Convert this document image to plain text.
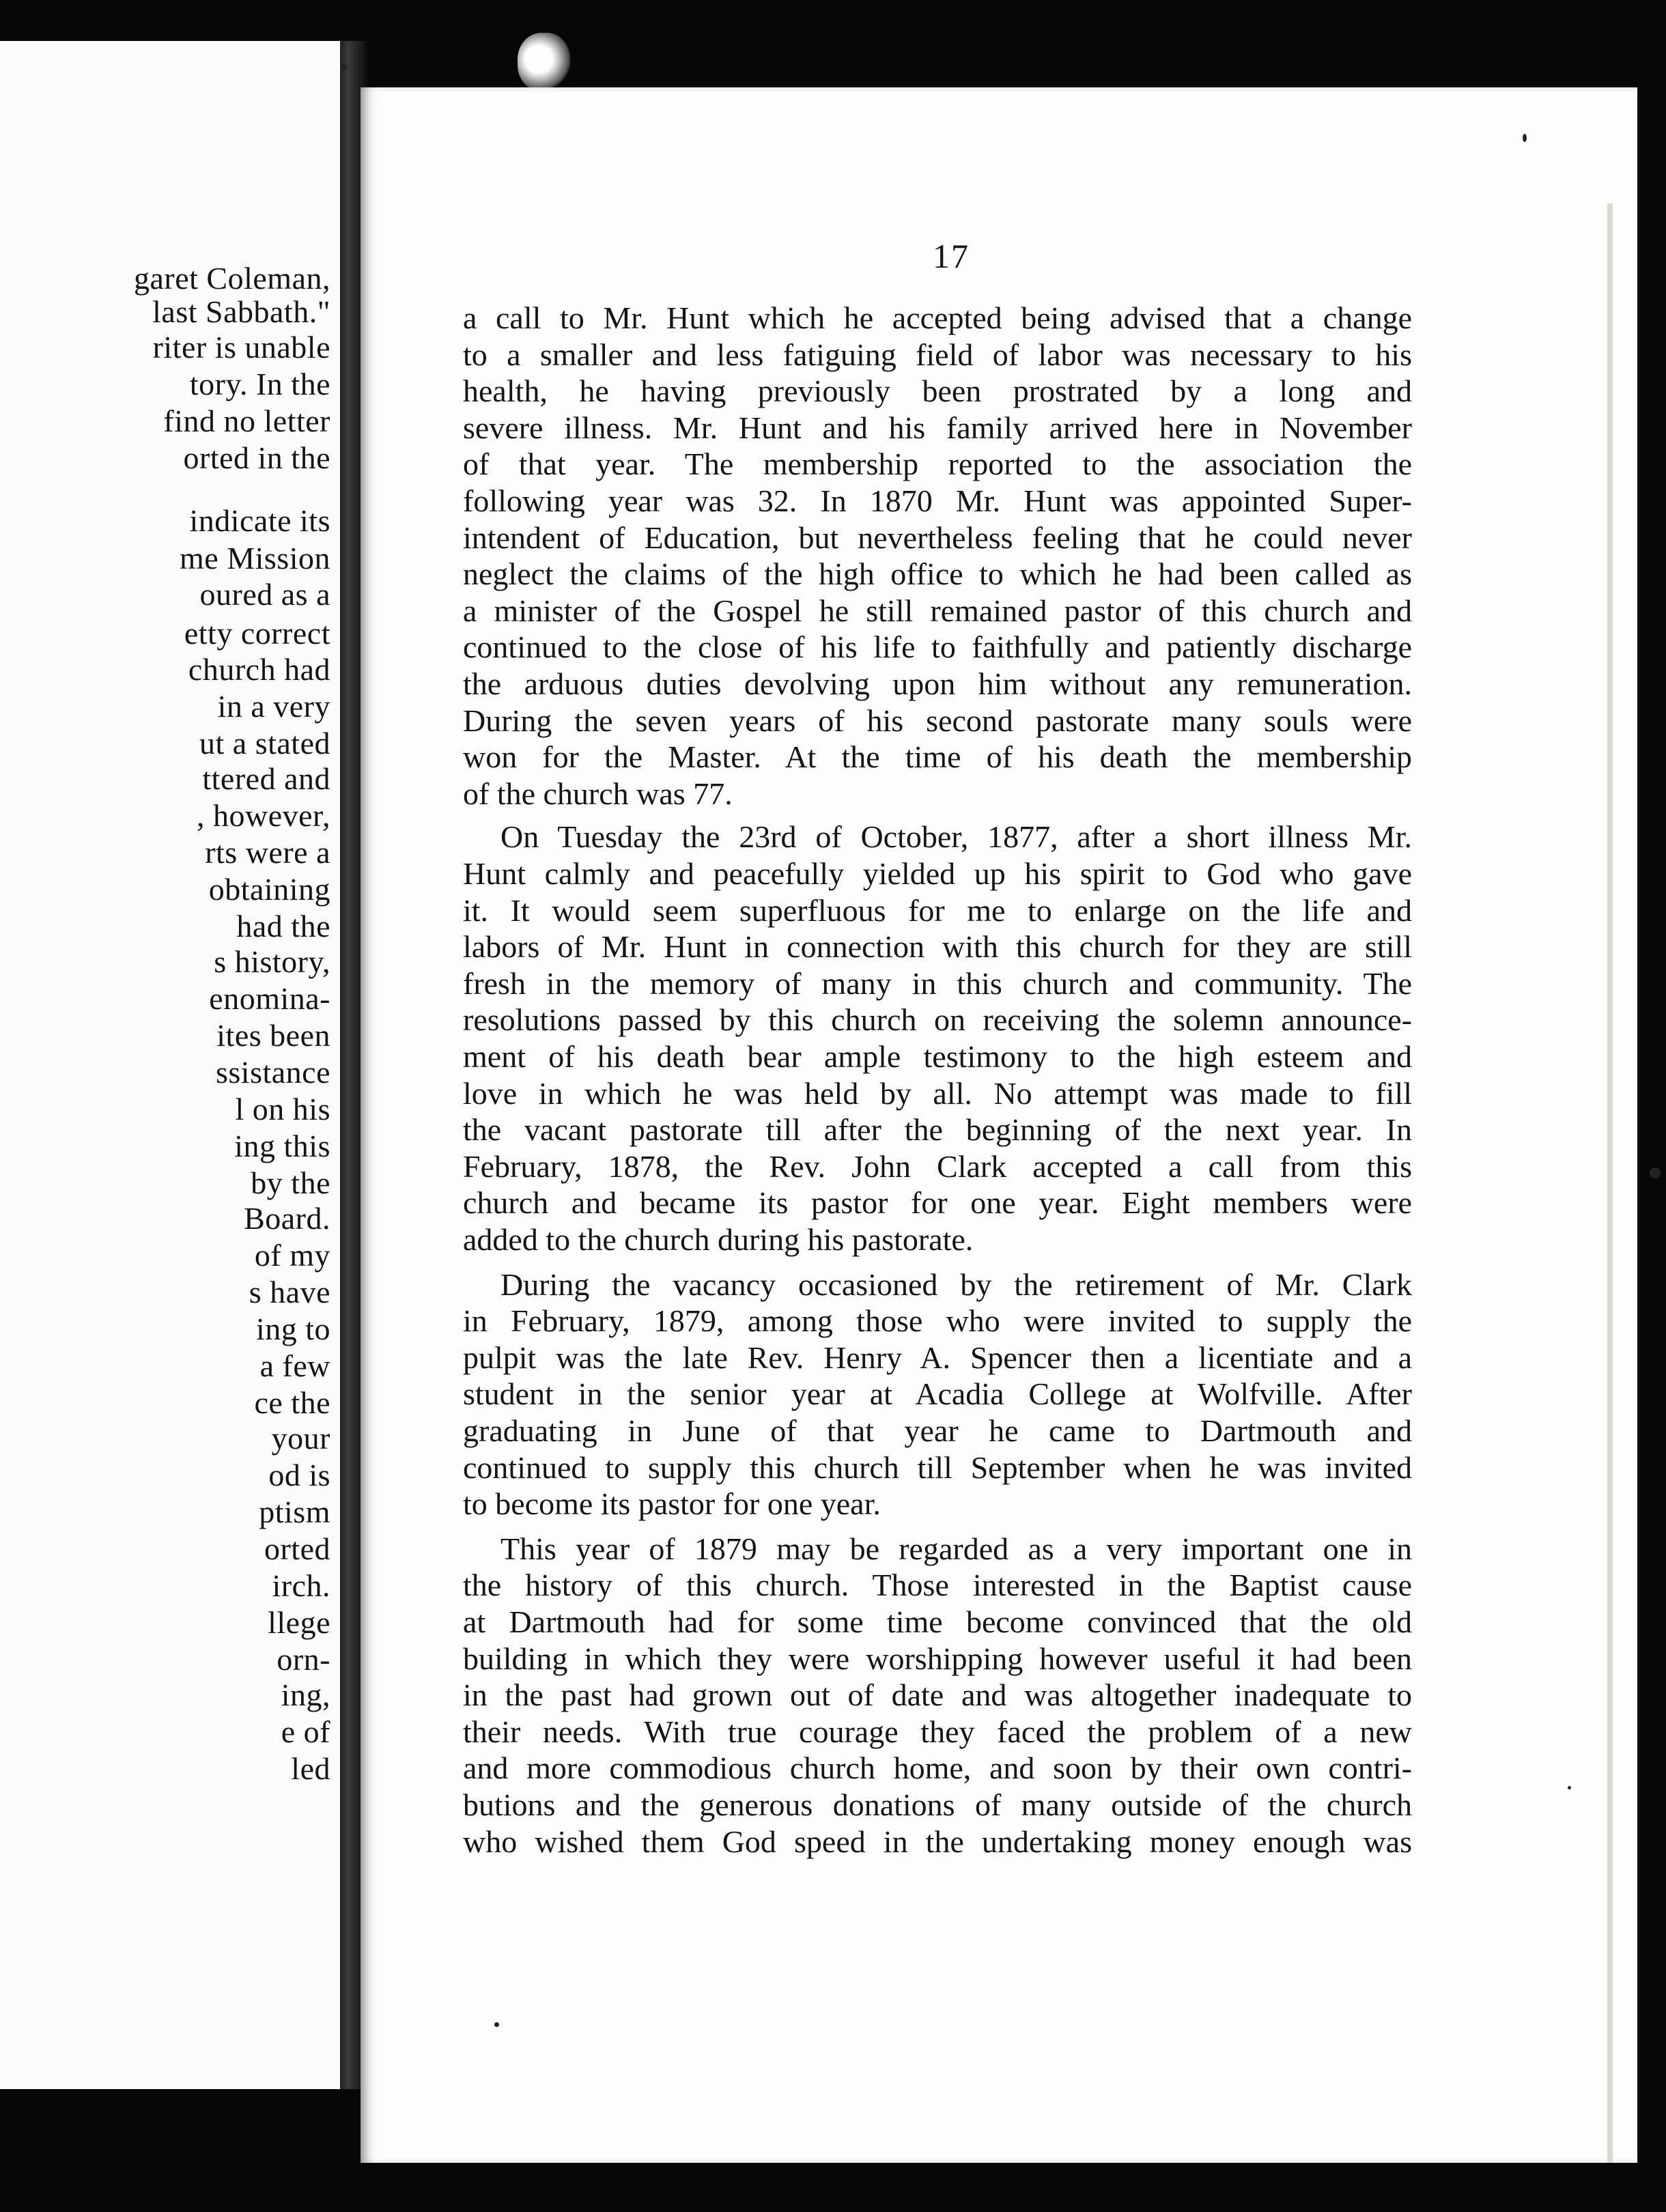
garet Coleman,
last Sabbath."
riter is unable
tory. In the
find no letter
orted in the
indicate its
me Mission
oured as a
etty correct
church had
in a very
ut a stated
ttered and
, however,
rts were a
obtaining
had the
s history,
enomina-
ites been
ssistance
l on his
ing this
by the
Board.
of my
s have
ing to
a few
ce the
your
od is
ptism
orted
irch.
llege
orn-
ing,
e of
led
17
a call to Mr. Hunt which he accepted being advised that a change
to a smaller and less fatiguing field of labor was necessary to his
health, he having previously been prostrated by a long and
severe illness. Mr. Hunt and his family arrived here in November
of that year. The membership reported to the association the
following year was 32. In 1870 Mr. Hunt was appointed Super-
intendent of Education, but nevertheless feeling that he could never
neglect the claims of the high office to which he had been called as
a minister of the Gospel he still remained pastor of this church and
continued to the close of his life to faithfully and patiently discharge
the arduous duties devolving upon him without any remuneration.
During the seven years of his second pastorate many souls were
won for the Master. At the time of his death the membership
of the church was 77.
On Tuesday the 23rd of October, 1877, after a short illness Mr.
Hunt calmly and peacefully yielded up his spirit to God who gave
it. It would seem superfluous for me to enlarge on the life and
labors of Mr. Hunt in connection with this church for they are still
fresh in the memory of many in this church and community. The
resolutions passed by this church on receiving the solemn announce-
ment of his death bear ample testimony to the high esteem and
love in which he was held by all. No attempt was made to fill
the vacant pastorate till after the beginning of the next year. In
February, 1878, the Rev. John Clark accepted a call from this
church and became its pastor for one year. Eight members were
added to the church during his pastorate.
During the vacancy occasioned by the retirement of Mr. Clark
in February, 1879, among those who were invited to supply the
pulpit was the late Rev. Henry A. Spencer then a licentiate and a
student in the senior year at Acadia College at Wolfville. After
graduating in June of that year he came to Dartmouth and
continued to supply this church till September when he was invited
to become its pastor for one year.
This year of 1879 may be regarded as a very important one in
the history of this church. Those interested in the Baptist cause
at Dartmouth had for some time become convinced that the old
building in which they were worshipping however useful it had been
in the past had grown out of date and was altogether inadequate to
their needs. With true courage they faced the problem of a new
and more commodious church home, and soon by their own contri-
butions and the generous donations of many outside of the church
who wished them God speed in the undertaking money enough was
